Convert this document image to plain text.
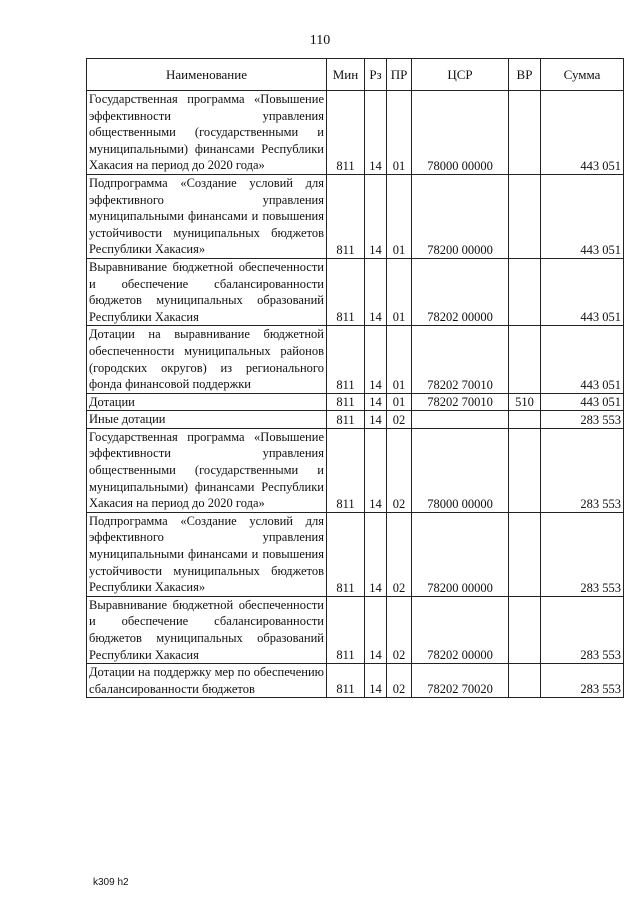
110
Наименование	Мин	Рз	ПР	ЦСР	ВР	Сумма
Государственная программа «Повышение эффективности управления общественными (государственными и муниципальными) финансами Республики Хакасия на период до 2020 года»	811	14	01	78000 00000		443 051
Подпрограмма «Создание условий для эффективного управления муниципальными финансами и повышения устойчивости муниципальных бюджетов Республики Хакасия»	811	14	01	78200 00000		443 051
Выравнивание бюджетной обеспеченности и обеспечение сбалансированности бюджетов муниципальных образований Республики Хакасия	811	14	01	78202 00000		443 051
Дотации на выравнивание бюджетной обеспеченности муниципальных районов (городских округов) из регионального фонда финансовой поддержки	811	14	01	78202 70010		443 051
Дотации	811	14	01	78202 70010	510	443 051
Иные дотации	811	14	02			283 553
Государственная программа «Повышение эффективности управления общественными (государственными и муниципальными) финансами Республики Хакасия на период до 2020 года»	811	14	02	78000 00000		283 553
Подпрограмма «Создание условий для эффективного управления муниципальными финансами и повышения устойчивости муниципальных бюджетов Республики Хакасия»	811	14	02	78200 00000		283 553
Выравнивание бюджетной обеспеченности и обеспечение сбалансированности бюджетов муниципальных образований Республики Хакасия	811	14	02	78202 00000		283 553
Дотации на поддержку мер по обеспечению сбалансированности бюджетов	811	14	02	78202 70020		283 553
k309 h2
